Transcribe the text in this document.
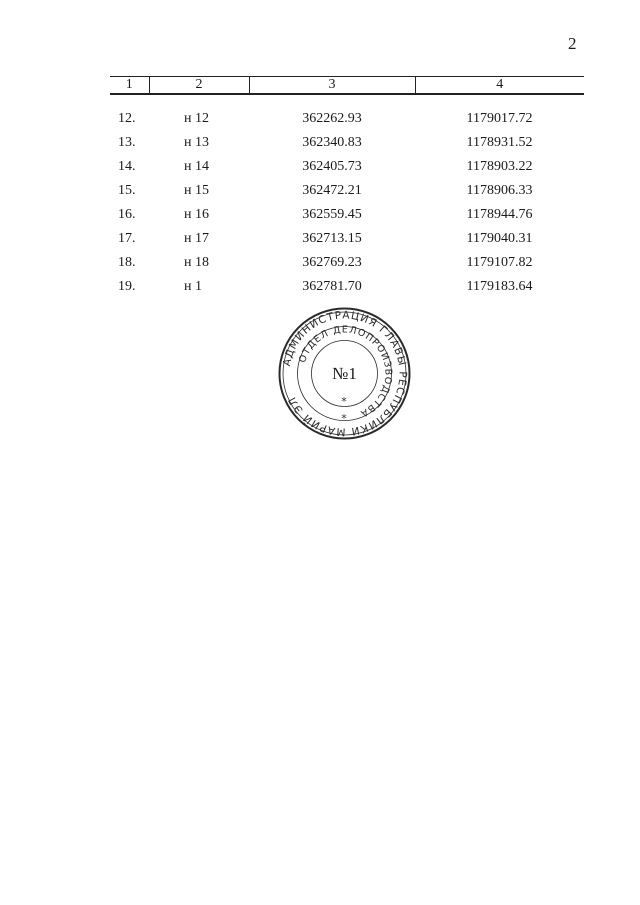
2
1	2	3	4
12.	н 12	362262.93	1179017.72
13.	н 13	362340.83	1178931.52
14.	н 14	362405.73	1178903.22
15.	н 15	362472.21	1178906.33
16.	н 16	362559.45	1178944.76
17.	н 17	362713.15	1179040.31
18.	н 18	362769.23	1179107.82
19.	н 1	362781.70	1179183.64
АДМИНИСТРАЦИЯ ГЛАВЫ РЕСПУБЛИКИ МАРИЙ ЭЛ
ОТДЕЛ ДЕЛОПРОИЗВОДСТВА
№1
*
*
